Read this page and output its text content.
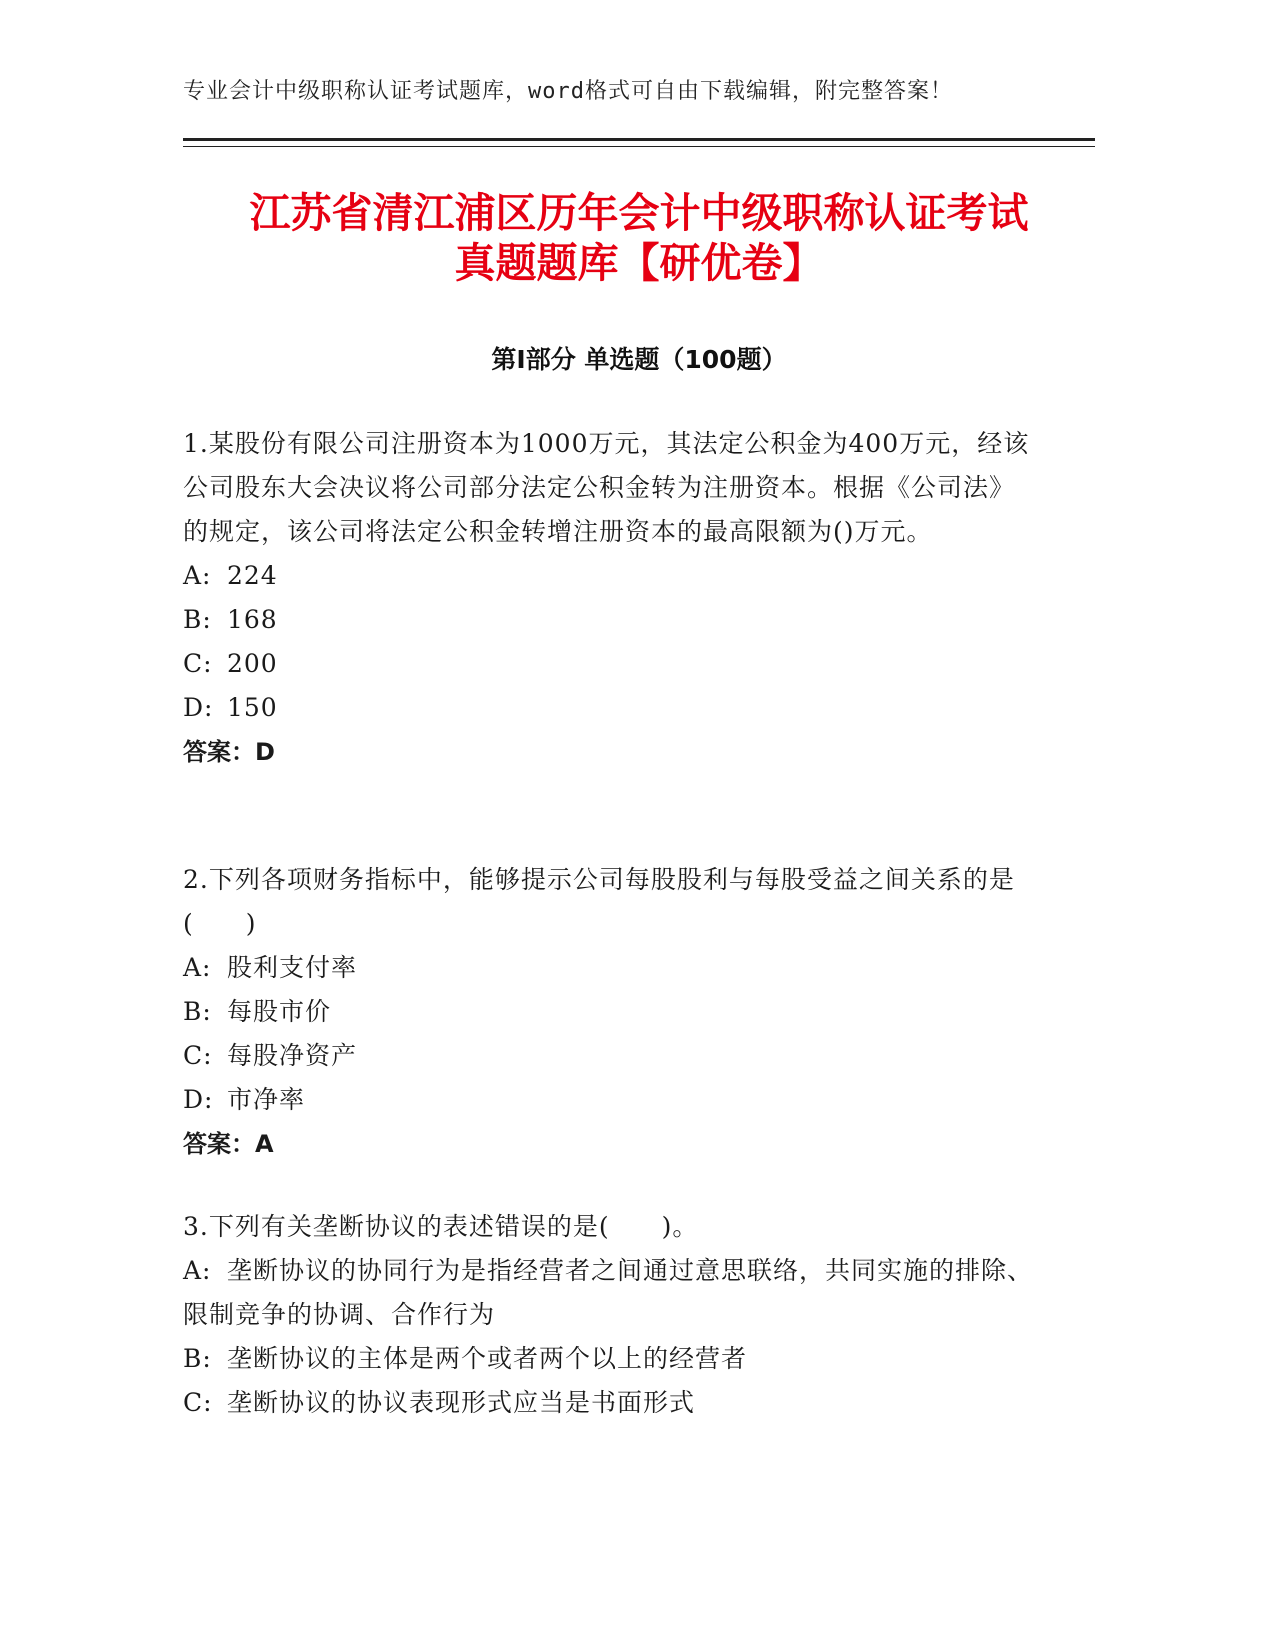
专业会计中级职称认证考试题库，word格式可自由下载编辑，附完整答案！
江苏省清江浦区历年会计中级职称认证考试
真题题库【研优卷】
第Ⅰ部分 单选题（100题）

1.某股份有限公司注册资本为1000万元，其法定公积金为400万元，经该公司股东大会决议将公司部分法定公积金转为注册资本。根据《公司法》的规定，该公司将法定公积金转增注册资本的最高限额为()万元。

A: 224

B: 168

C: 200

D: 150

答案：D

2.下列各项财务指标中，能够提示公司每股股利与每股受益之间关系的是(　　)

A: 股利支付率

B: 每股市价

C: 每股净资产

D: 市净率

答案：A

3.下列有关垄断协议的表述错误的是(　　)。

A: 垄断协议的协同行为是指经营者之间通过意思联络，共同实施的排除、限制竞争的协调、合作行为

B: 垄断协议的主体是两个或者两个以上的经营者

C: 垄断协议的协议表现形式应当是书面形式
